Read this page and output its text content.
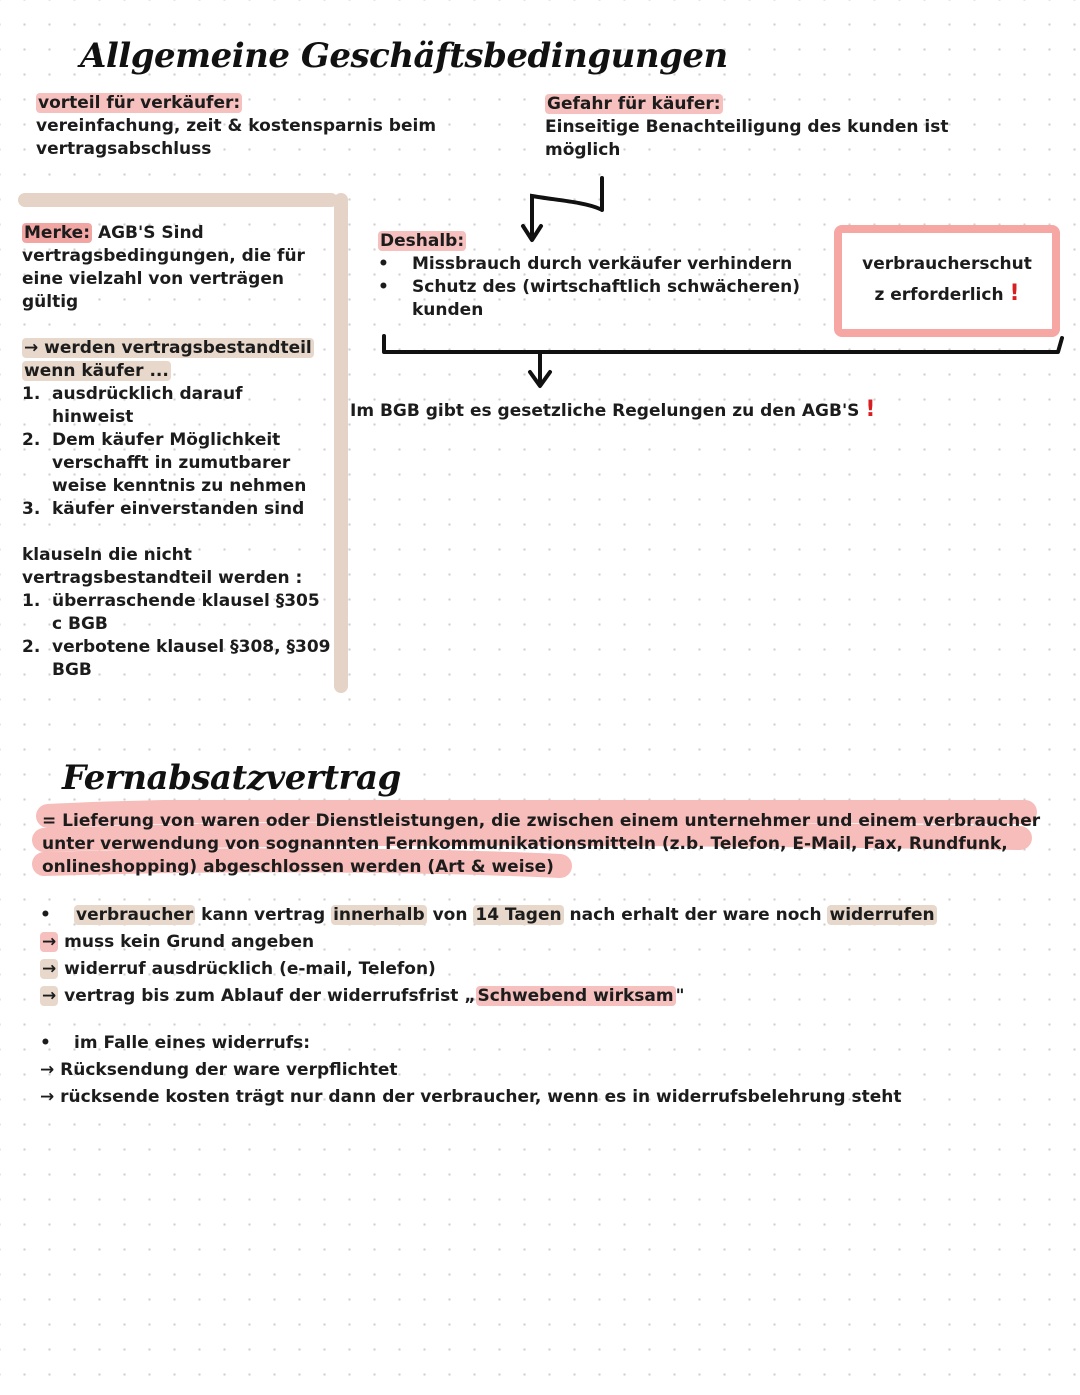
Allgemeine Geschäftsbedingungen
vorteil für verkäufer:
vereinfachung, zeit & kostensparnis beim
vertragsabschluss
Gefahr für käufer:
Einseitige Benachteiligung des kunden ist
möglich
Merke: AGB'S Sind
vertragsbedingungen, die für
eine vielzahl von verträgen
gültig
→ werden vertragsbestandteil
wenn käufer ...
1. ausdrücklich darauf
hinweist
2. Dem käufer Möglichkeit
verschafft in zumutbarer
weise kenntnis zu nehmen
3. käufer einverstanden sind
klauseln die nicht
vertragsbestandteil werden :
1. überraschende klausel §305
c BGB
2. verbotene klausel §308, §309
BGB
Deshalb:
• Missbrauch durch verkäufer verhindern
• Schutz des (wirtschaftlich schwächeren)
kunden
verbraucherschut
z erforderlich !
Im BGB gibt es gesetzliche Regelungen zu den AGB'S !
Fernabsatzvertrag
= Lieferung von waren oder Dienstleistungen, die zwischen einem unternehmer und einem verbraucher
unter verwendung von sognannten Fernkommunikationsmitteln (z.b. Telefon, E-Mail, Fax, Rundfunk,
onlineshopping) abgeschlossen werden (Art & weise)
• verbraucher kann vertrag innerhalb von 14 Tagen nach erhalt der ware noch widerrufen
→ muss kein Grund angeben
→ widerruf ausdrücklich (e-mail, Telefon)
→ vertrag bis zum Ablauf der widerrufsfrist „ Schwebend wirksam "
• im Falle eines widerrufs:
→ Rücksendung der ware verpflichtet
→ rücksende kosten trägt nur dann der verbraucher, wenn es in widerrufsbelehrung steht
